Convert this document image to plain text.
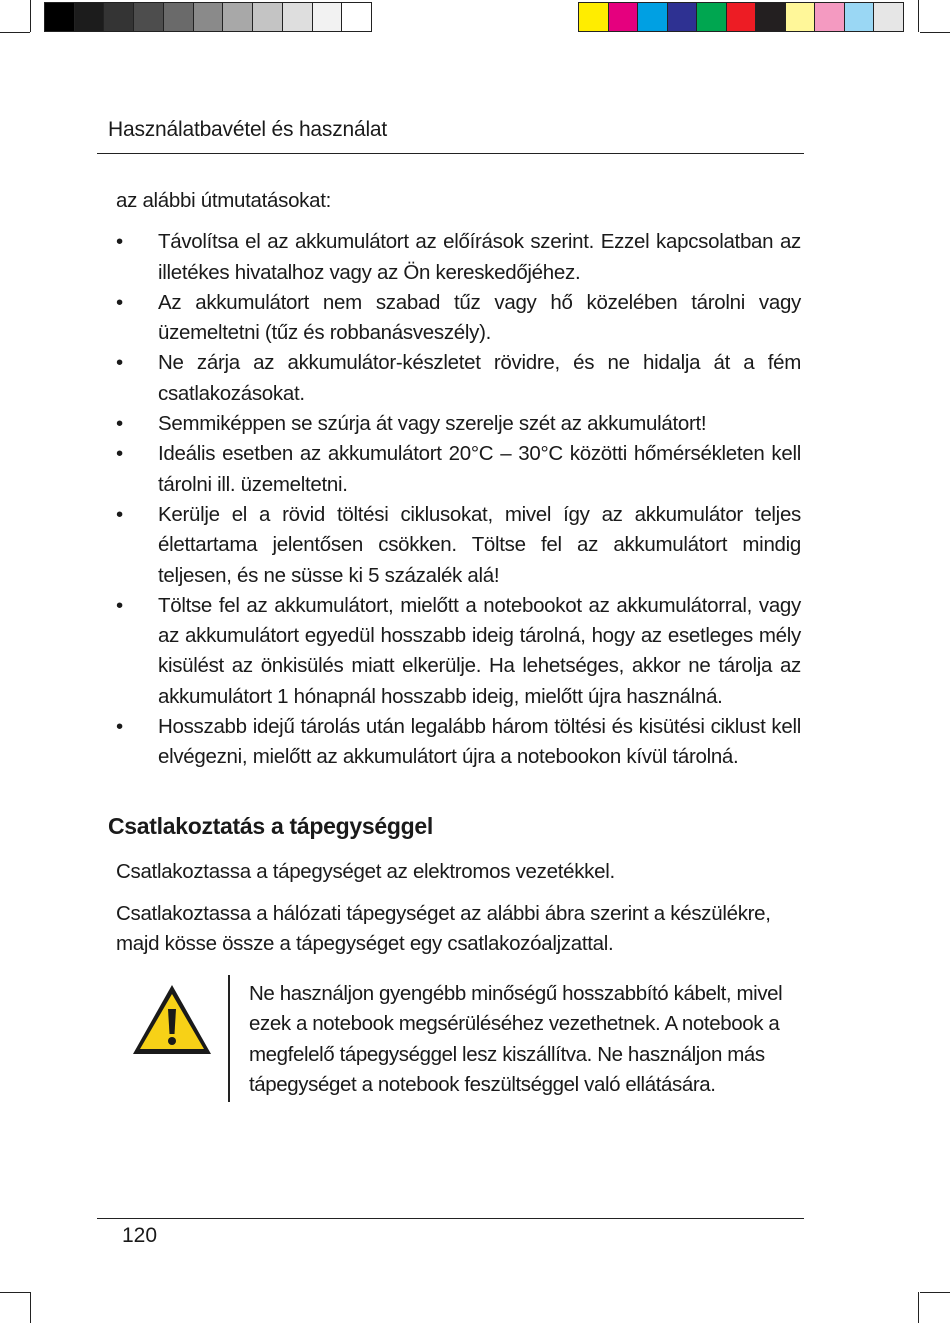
Használatbavétel és használat

az alábbi útmutatásokat:

• Távolítsa el az akkumulátort az előírások szerint. Ezzel kapcsolatban az illetékes hivatalhoz vagy az Ön kereskedőjéhez.
• Az akkumulátort nem szabad tűz vagy hő közelében tárolni vagy üzemeltetni (tűz és robbanásveszély).
• Ne zárja az akkumulátor-készletet rövidre, és ne hidalja át a fém csatlakozásokat.
• Semmiképpen se szúrja át vagy szerelje szét az akkumulátort!
• Ideális esetben az akkumulátort 20°C – 30°C közötti hőmérsékleten kell tárolni ill. üzemeltetni.
• Kerülje el a rövid töltési ciklusokat, mivel így az akkumulátor teljes élettartama jelentősen csökken. Töltse fel az akkumulátort mindig teljesen, és ne süsse ki 5 százalék alá!
• Töltse fel az akkumulátort, mielőtt a notebookot az akkumulátorral, vagy az akkumulátort egyedül hosszabb ideig tárolná, hogy az esetleges mély kisülést az önkisülés miatt elkerülje. Ha lehetséges, akkor ne tárolja az akkumulátort 1 hónapnál hosszabb ideig, mielőtt újra használná.
• Hosszabb idejű tárolás után legalább három töltési és kisütési ciklust kell elvégezni, mielőtt az akkumulátort újra a notebookon kívül tárolná.
Csatlakoztatás a tápegységgel

Csatlakoztassa a tápegységet az elektromos vezetékkel.

Csatlakoztassa a hálózati tápegységet az alábbi ábra szerint a készülékre, majd kösse össze a tápegységet egy csatlakozóaljzattal.

Ne használjon gyengébb minőségű hosszabbító kábelt, mivel ezek a notebook megsérüléséhez vezethetnek. A notebook a megfelelő tápegységgel lesz kiszállítva. Ne használjon más tápegységet a notebook feszültséggel való ellátására.

120
